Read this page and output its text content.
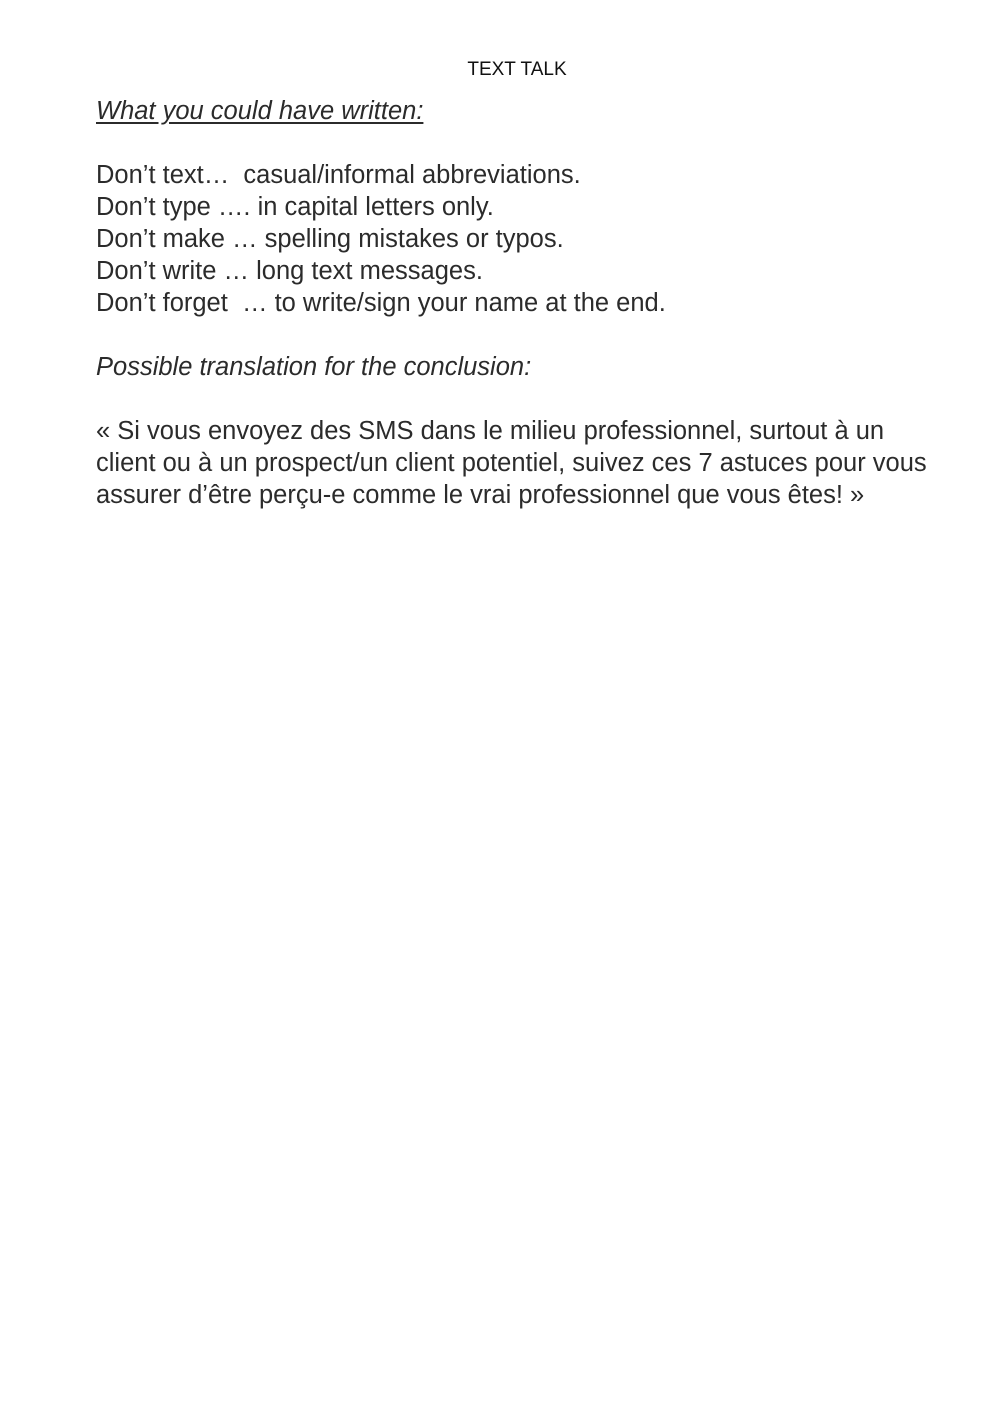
TEXT TALK

What you could have written:

Don’t text…  casual/informal abbreviations.
Don’t type …. in capital letters only.
Don’t make … spelling mistakes or typos.
Don’t write … long text messages.
Don’t forget  … to write/sign your name at the end.

Possible translation for the conclusion:

« Si vous envoyez des SMS dans le milieu professionnel, surtout à un client ou à un prospect/un client potentiel, suivez ces 7 astuces pour vous assurer d’être perçu-e comme le vrai professionnel que vous êtes! »
